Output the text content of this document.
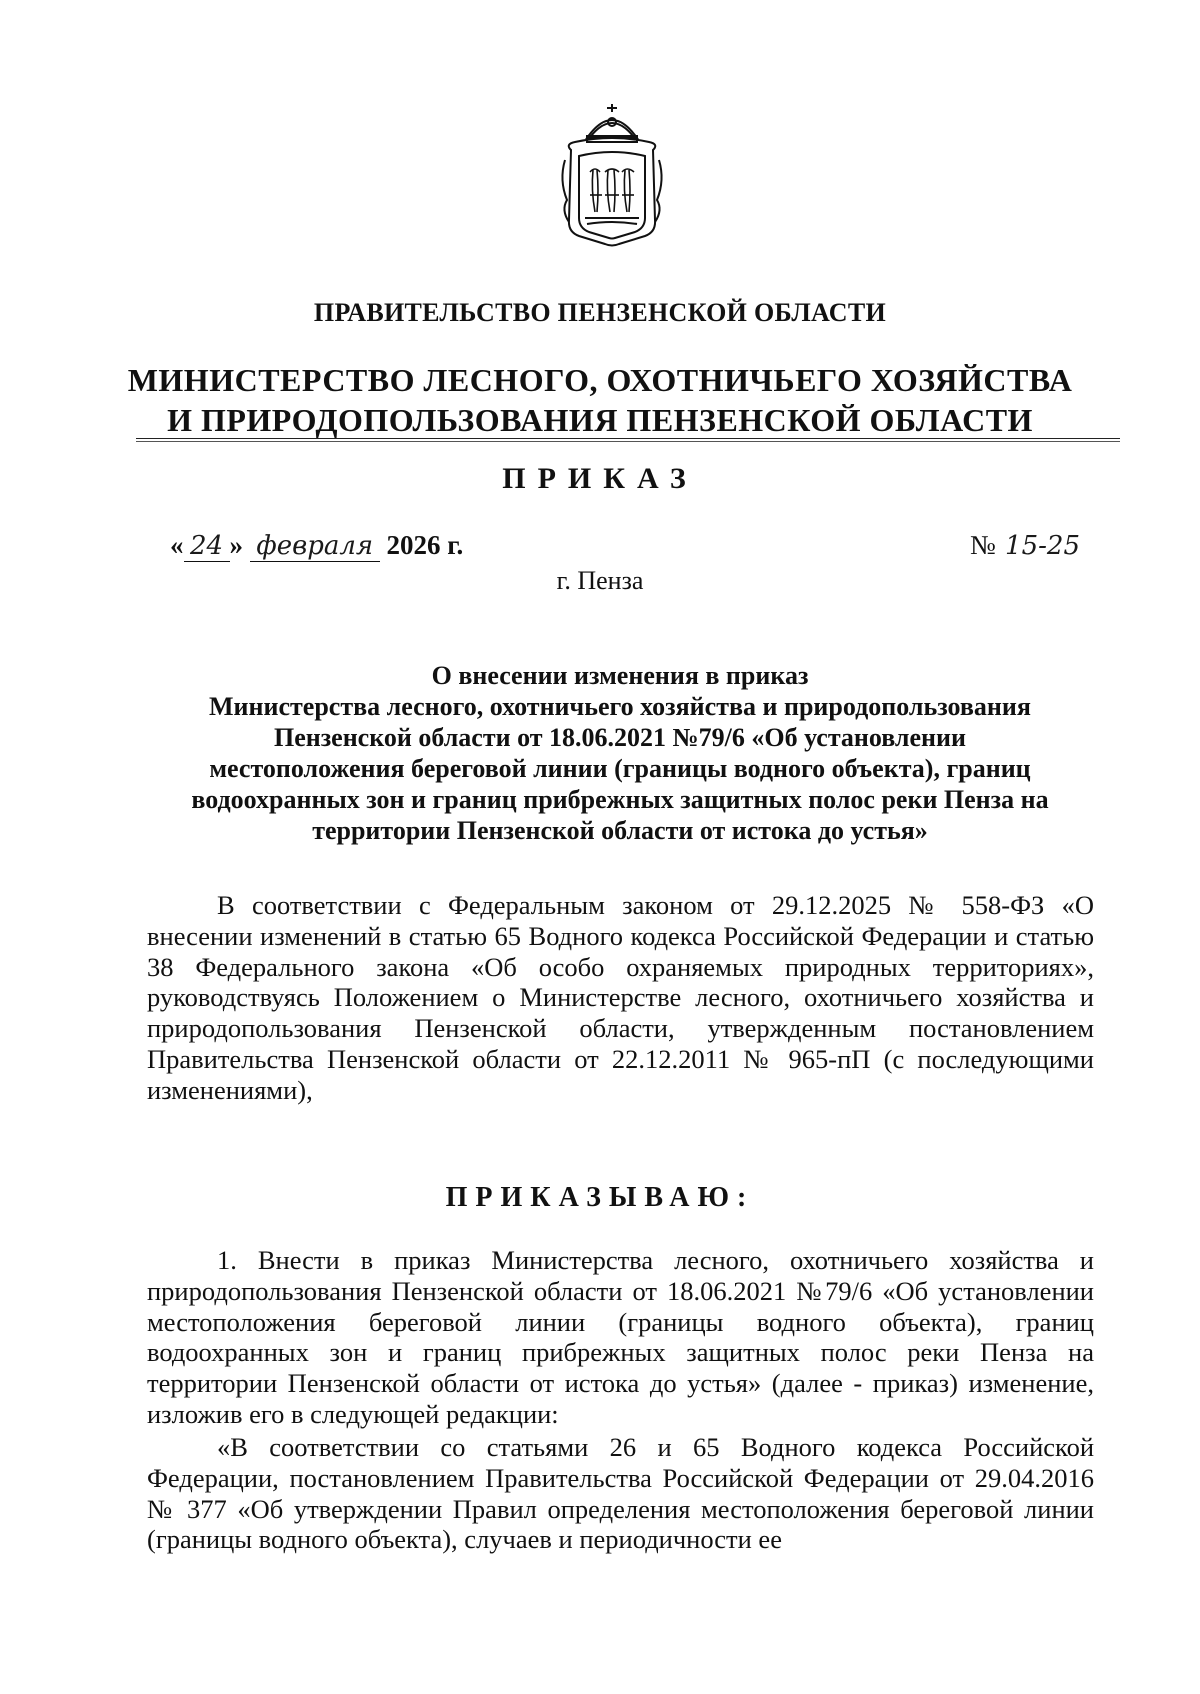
ПРАВИТЕЛЬСТВО ПЕНЗЕНСКОЙ ОБЛАСТИ
МИНИСТЕРСТВО ЛЕСНОГО, ОХОТНИЧЬЕГО ХОЗЯЙСТВА
И ПРИРОДОПОЛЬЗОВАНИЯ ПЕНЗЕНСКОЙ ОБЛАСТИ
ПРИКАЗ
« 24 » февраля 2026 г.	№ 15-25
г. Пенза
О внесении изменения в приказ
Министерства лесного, охотничьего хозяйства и природопользования
Пензенской области от 18.06.2021 №79/6 «Об установлении
местоположения береговой линии (границы водного объекта), границ
водоохранных зон и границ прибрежных защитных полос реки Пенза на
территории Пензенской области от истока до устья»

В соответствии с Федеральным законом от 29.12.2025 № 558-ФЗ «О внесении изменений в статью 65 Водного кодекса Российской Федерации и статью 38 Федерального закона «Об особо охраняемых природных территориях», руководствуясь Положением о Министерстве лесного, охотничьего хозяйства и природопользования Пензенской области, утвержденным постановлением Правительства Пензенской области от 22.12.2011 № 965-пП (с последующими изменениями),

ПРИКАЗЫВАЮ:

1. Внести в приказ Министерства лесного, охотничьего хозяйства и природопользования Пензенской области от 18.06.2021 №79/6 «Об установлении местоположения береговой линии (границы водного объекта), границ водоохранных зон и границ прибрежных защитных полос реки Пенза на территории Пензенской области от истока до устья» (далее - приказ) изменение, изложив его в следующей редакции:

«В соответствии со статьями 26 и 65 Водного кодекса Российской Федерации, постановлением Правительства Российской Федерации от 29.04.2016 № 377 «Об утверждении Правил определения местоположения береговой линии (границы водного объекта), случаев и периодичности ее
